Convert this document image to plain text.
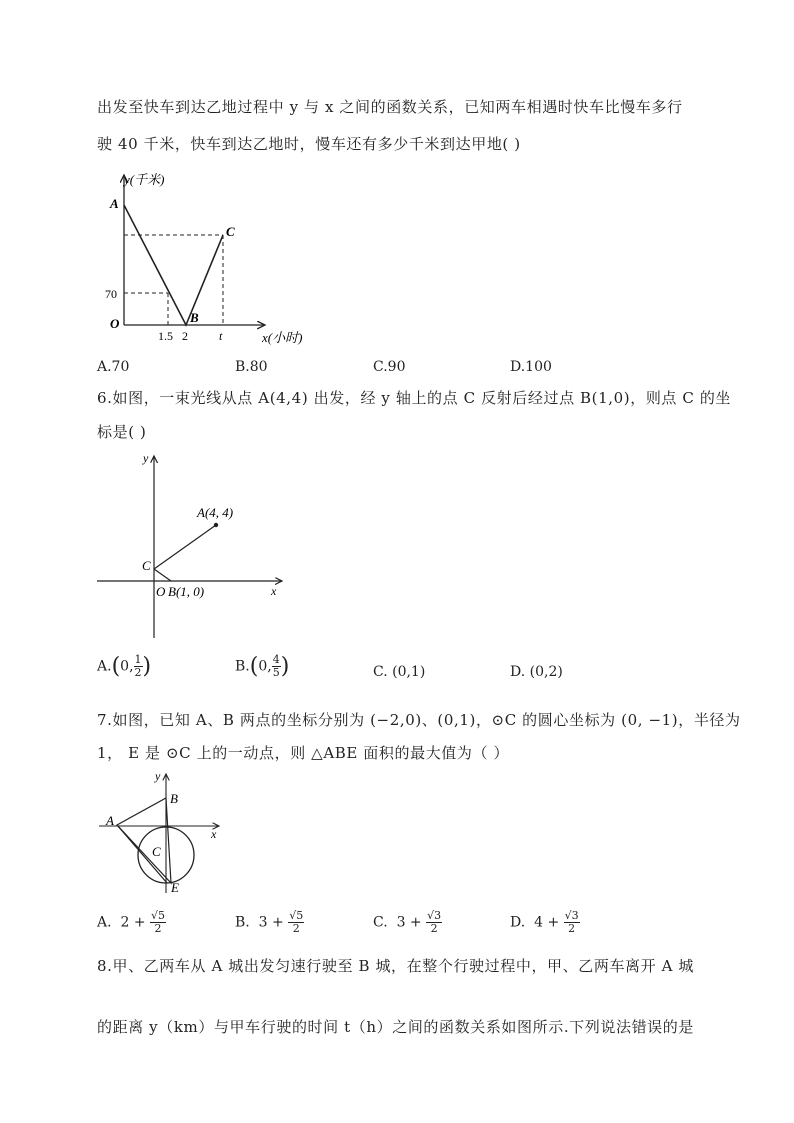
出发至快车到达乙地过程中 y 与 x 之间的函数关系，已知两车相遇时快车比慢车多行
驶 40 千米，快车到达乙地时，慢车还有多少千米到达甲地( )
y(千米)
A
C
70
O	B
1.5 2	t	x(小时)
A.70	B.80	C.90	D.100
6.如图，一束光线从点 A(4,4) 出发，经 y 轴上的点 C 反射后经过点 B(1,0)，则点 C 的坐
标是( )
y
x
A(4, 4)
C
O B(1, 0)
A.(0, $\frac{1}{2}$ )	B.(0, $\frac{4}{5}$ )	C. (0,1)	D. (0,2)
7.如图，已知 A、B 两点的坐标分别为 (−2,0)、(0,1)，⊙C 的圆心坐标为 (0, −1)，半径为
1， E 是 ⊙C 上的一动点，则 △ABE 面积的最大值为（ ）
y
x
A
B
C
E
A. $2 + \frac{√5}{2}$	B. $3 + \frac{√5}{2}$	C. $3 + \frac{√3}{2}$	D. $4 + \frac{√3}{2}$
8.甲、乙两车从 A 城出发匀速行驶至 B 城，在整个行驶过程中，甲、乙两车离开 A 城
的距离 y（km）与甲车行驶的时间 t（h）之间的函数关系如图所示.下列说法错误的是
